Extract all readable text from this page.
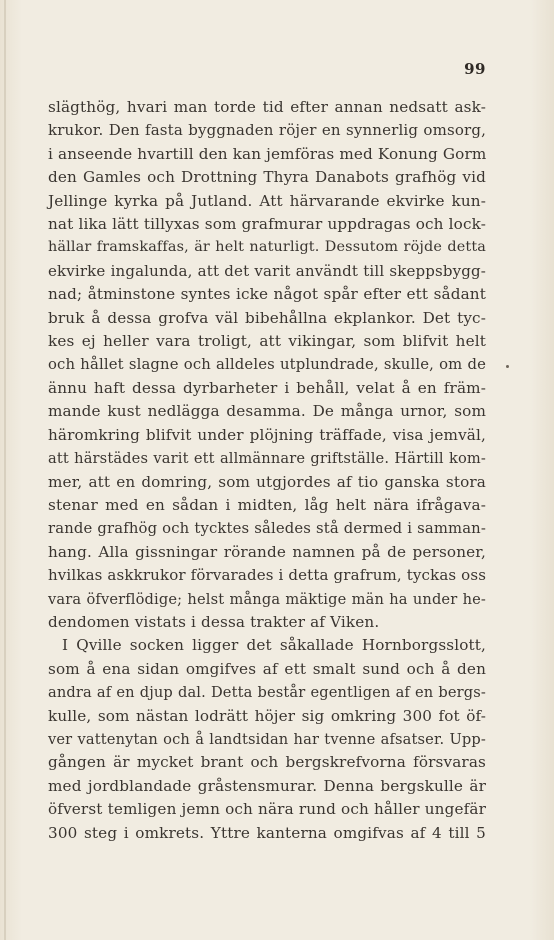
99
slägthög, hvari man torde tid efter annan nedsatt ask-
krukor. Den fasta byggnaden röjer en synnerlig omsorg,
i anseende hvartill den kan jemföras med Konung Gorm
den Gamles och Drottning Thyra Danabots grafhög vid
Jellinge kyrka på Jutland. Att härvarande ekvirke kun-
nat lika lätt tillyxas som grafmurar uppdragas och lock-
hällar framskaffas, är helt naturligt. Dessutom röjde detta
ekvirke ingalunda, att det varit användt till skeppsbygg-
nad; åtminstone syntes icke något spår efter ett sådant
bruk å dessa grofva väl bibehållna ekplankor. Det tyc-
kes ej heller vara troligt, att vikingar, som blifvit helt
och hållet slagne och alldeles utplundrade, skulle, om de
ännu haft dessa dyrbarheter i behåll, velat å en främ-
mande kust nedlägga desamma. De många urnor, som
häromkring blifvit under plöjning träffade, visa jemväl,
att härstädes varit ett allmännare griftställe. Härtill kom-
mer, att en domring, som utgjordes af tio ganska stora
stenar med en sådan i midten, låg helt nära ifrågava-
rande grafhög och tycktes således stå dermed i samman-
hang. Alla gissningar rörande namnen på de personer,
hvilkas askkrukor förvarades i detta grafrum, tyckas oss
vara öfverflödige; helst många mäktige män ha under he-
dendomen vistats i dessa trakter af Viken.
I Qville socken ligger det såkallade Hornborgsslott,
som å ena sidan omgifves af ett smalt sund och å den
andra af en djup dal. Detta består egentligen af en bergs-
kulle, som nästan lodrätt höjer sig omkring 300 fot öf-
ver vattenytan och å landtsidan har tvenne afsatser. Upp-
gången är mycket brant och bergskrefvorna försvaras
med jordblandade gråstensmurar. Denna bergskulle är
öfverst temligen jemn och nära rund och håller ungefär
300 steg i omkrets. Yttre kanterna omgifvas af 4 till 5
